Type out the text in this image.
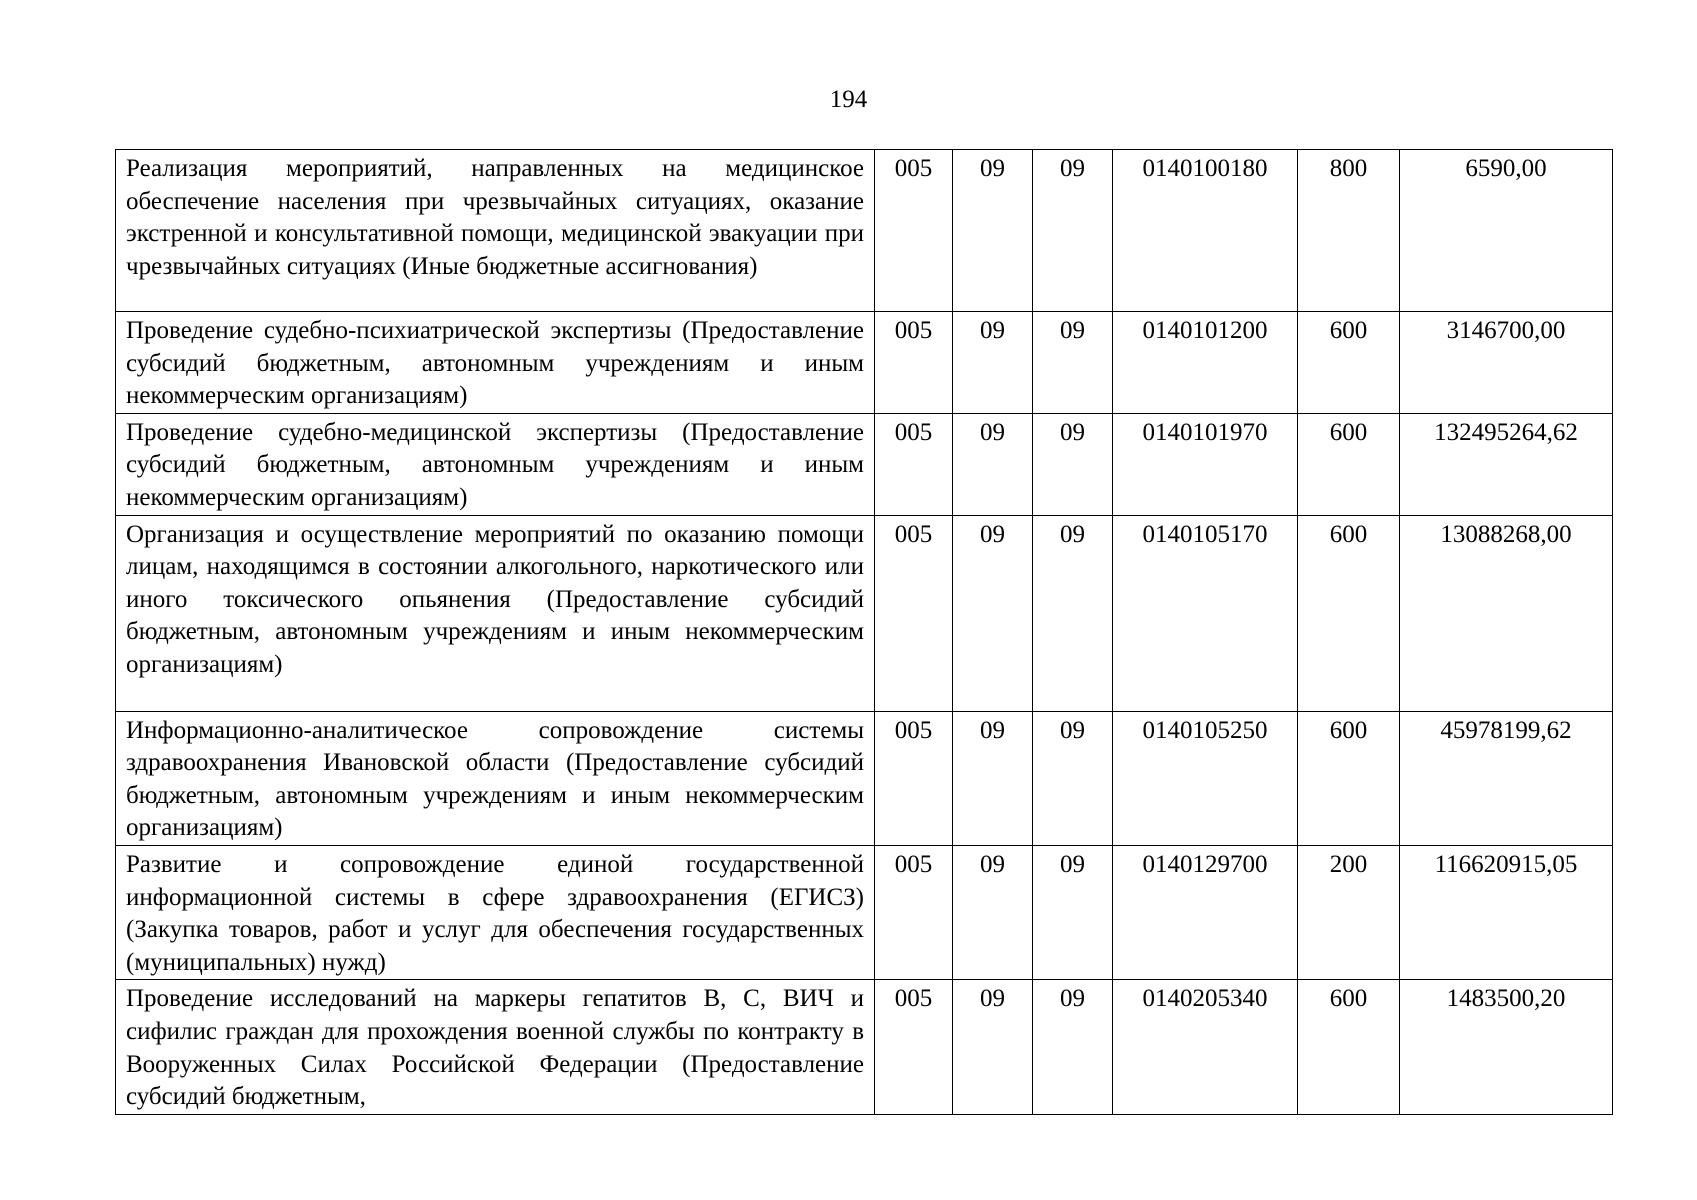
194
Реализация мероприятий, направленных на медицинское обеспечение населения при чрезвычайных ситуациях, оказание экстренной и консультативной помощи, медицинской эвакуации при чрезвычайных ситуациях (Иные бюджетные ассигнования)	005	09	09	0140100180	800	6590,00
Проведение судебно-психиатрической экспертизы (Предоставление субсидий бюджетным, автономным учреждениям и иным некоммерческим организациям)	005	09	09	0140101200	600	3146700,00
Проведение судебно-медицинской экспертизы (Предоставление субсидий бюджетным, автономным учреждениям и иным некоммерческим организациям)	005	09	09	0140101970	600	132495264,62
Организация и осуществление мероприятий по оказанию помощи лицам, находящимся в состоянии алкогольного, наркотического или иного токсического опьянения (Предоставление субсидий бюджетным, автономным учреждениям и иным некоммерческим организациям)	005	09	09	0140105170	600	13088268,00
Информационно-аналитическое сопровождение системы здравоохранения Ивановской области (Предоставление субсидий бюджетным, автономным учреждениям и иным некоммерческим организациям)	005	09	09	0140105250	600	45978199,62
Развитие и сопровождение единой государственной информационной системы в сфере здравоохранения (ЕГИСЗ) (Закупка товаров, работ и услуг для обеспечения государственных (муниципальных) нужд)	005	09	09	0140129700	200	116620915,05
Проведение исследований на маркеры гепатитов В, С, ВИЧ и сифилис граждан для прохождения военной службы по контракту в Вооруженных Силах Российской Федерации (Предоставление субсидий бюджетным,	005	09	09	0140205340	600	1483500,20
